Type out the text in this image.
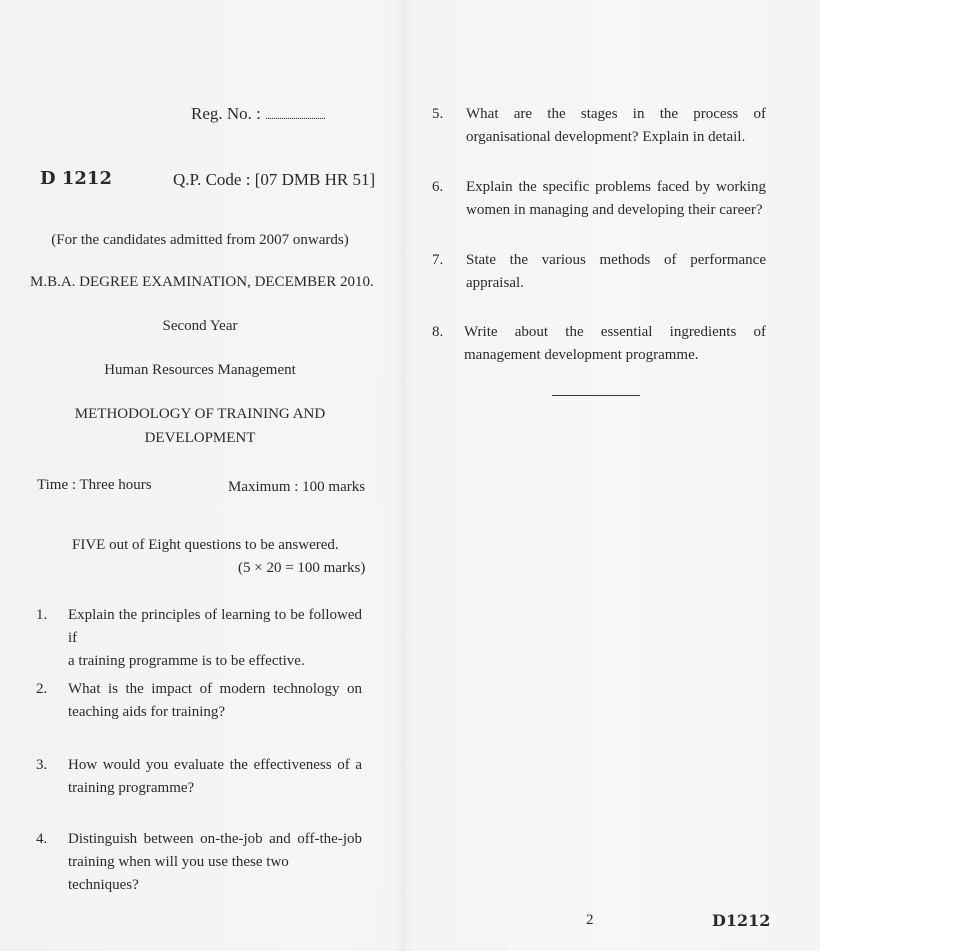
Reg. No. : ..............................
D 1212	Q.P. Code : [07 DMB HR 51]
(For the candidates admitted from 2007 onwards)
M.B.A. DEGREE EXAMINATION, DECEMBER 2010.
Second Year
Human Resources Management
METHODOLOGY OF TRAINING AND
DEVELOPMENT
Time : Three hours	Maximum : 100 marks
FIVE out of Eight questions to be answered.
(5 × 20 = 100 marks)
1. Explain the principles of learning to be followed if
a training programme is to be effective.
2. What is the impact of modern technology on
teaching aids for training?
3. How would you evaluate the effectiveness of a
training programme?
4. Distinguish between on-the-job and off-the-job
training when will you use these two techniques?
5. What are the stages in the process of
organisational development? Explain in detail.
6. Explain the specific problems faced by working
women in managing and developing their career?
7. State the various methods of performance
appraisal.
8. Write about the essential ingredients of
management development programme.
2	D1212
